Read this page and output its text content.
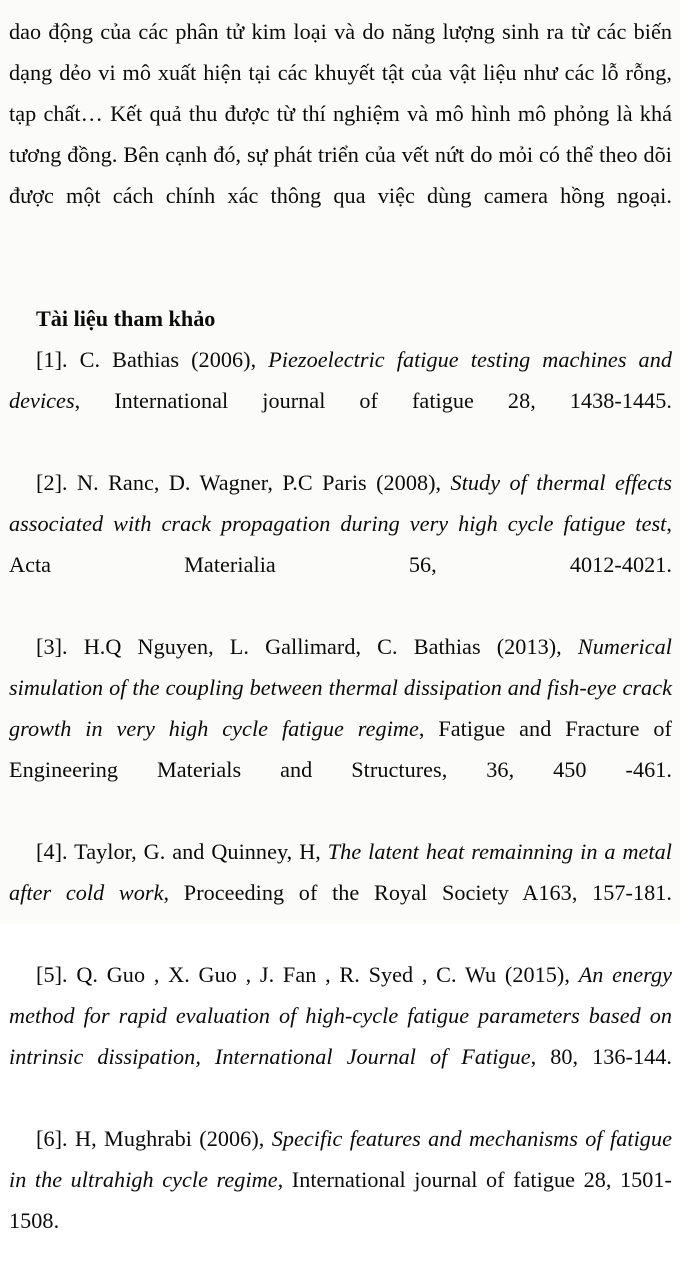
dao động của các phân tử kim loại và do năng lượng sinh ra từ các biến dạng dẻo vi mô xuất hiện tại các khuyết tật của vật liệu như các lỗ rỗng, tạp chất… Kết quả thu được từ thí nghiệm và mô hình mô phỏng là khá tương đồng. Bên cạnh đó, sự phát triển của vết nứt do mỏi có thể theo dõi được một cách chính xác thông qua việc dùng camera hồng ngoại.

Tài liệu tham khảo

[1]. C. Bathias (2006), Piezoelectric fatigue testing machines and devices, International journal of fatigue 28, 1438-1445.

[2]. N. Ranc, D. Wagner, P.C Paris (2008), Study of thermal effects associated with crack propagation during very high cycle fatigue test, Acta Materialia 56, 4012-4021.

[3]. H.Q Nguyen, L. Gallimard, C. Bathias (2013), Numerical simulation of the coupling between thermal dissipation and fish-eye crack growth in very high cycle fatigue regime, Fatigue and Fracture of Engineering Materials and Structures, 36, 450 -461.

[4]. Taylor, G. and Quinney, H, The latent heat remainning in a metal after cold work, Proceeding of the Royal Society A163, 157-181.

[5]. Q. Guo , X. Guo , J. Fan , R. Syed , C. Wu (2015), An energy method for rapid evaluation of high-cycle fatigue parameters based on intrinsic dissipation, International Journal of Fatigue, 80, 136-144.

[6]. H, Mughrabi (2006), Specific features and mechanisms of fatigue in the ultrahigh cycle regime, International journal of fatigue 28, 1501-1508.
